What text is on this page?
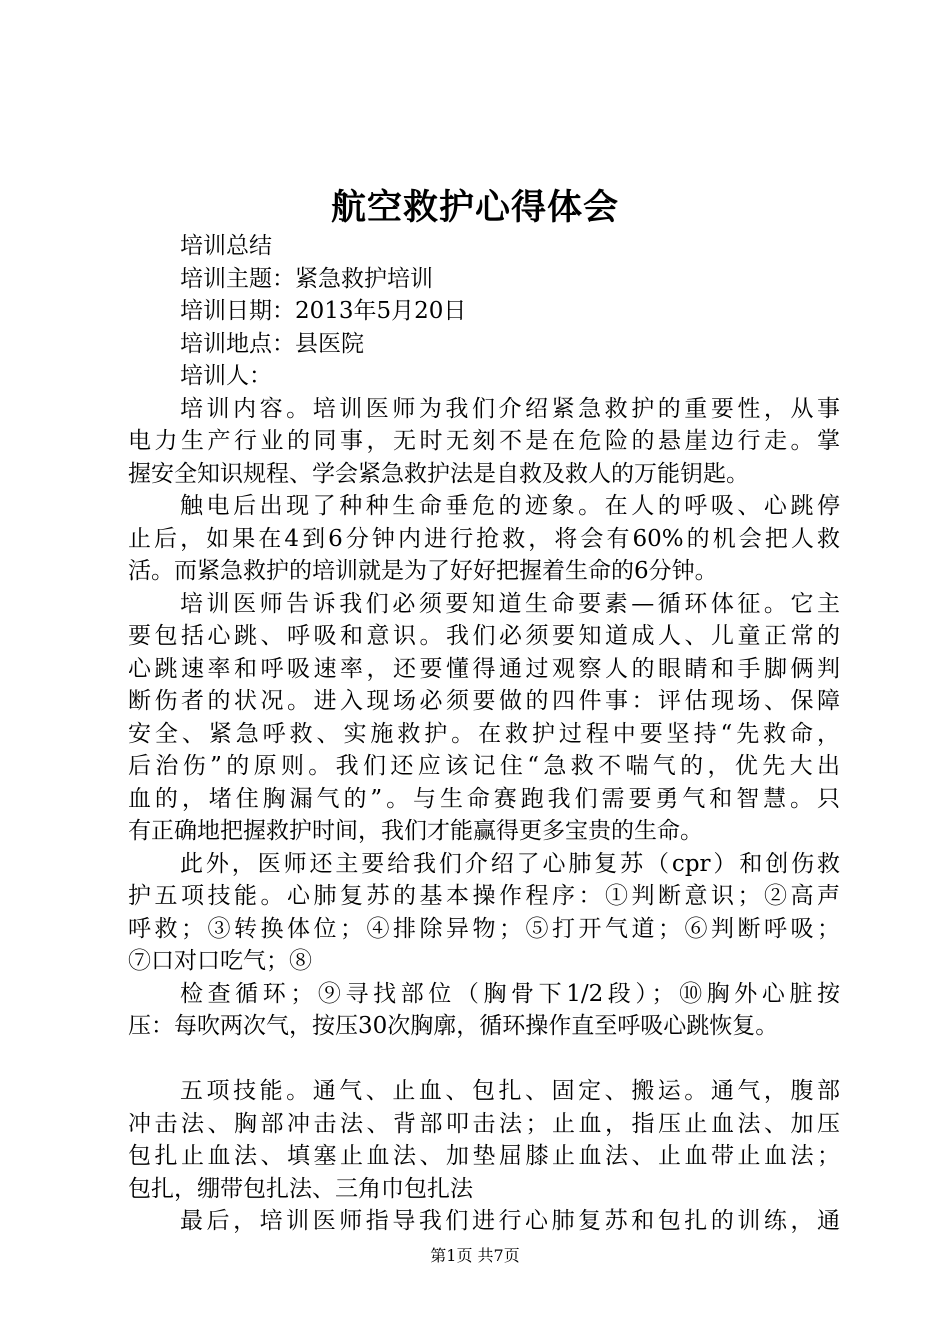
航空救护心得体会
培训总结
培训主题：紧急救护培训
培训日期：2013年5月20日
培训地点：县医院
培训人：
培训内容。培训医师为我们介绍紧急救护的重要性，从事
电力生产行业的同事，无时无刻不是在危险的悬崖边行走。掌
握安全知识规程、学会紧急救护法是自救及救人的万能钥匙。
触电后出现了种种生命垂危的迹象。在人的呼吸、心跳停
止后，如果在4到6分钟内进行抢救，将会有60%的机会把人救
活。而紧急救护的培训就是为了好好把握着生命的6分钟。
培训医师告诉我们必须要知道生命要素—循环体征。它主
要包括心跳、呼吸和意识。我们必须要知道成人、儿童正常的
心跳速率和呼吸速率，还要懂得通过观察人的眼睛和手脚俩判
断伤者的状况。进入现场必须要做的四件事：评估现场、保障
安全、紧急呼救、实施救护。在救护过程中要坚持“先救命，
后治伤”的原则。我们还应该记住“急救不喘气的，优先大出
血的，堵住胸漏气的”。与生命赛跑我们需要勇气和智慧。只
有正确地把握救护时间，我们才能赢得更多宝贵的生命。
此外，医师还主要给我们介绍了心肺复苏（cpr）和创伤救
护五项技能。心肺复苏的基本操作程序：①判断意识；②高声
呼救；③转换体位；④排除异物；⑤打开气道；⑥判断呼吸；
⑦口对口吃气；⑧
检查循环；⑨寻找部位（胸骨下1/2段）；⑩胸外心脏按
压：每吹两次气，按压30次胸廓，循环操作直至呼吸心跳恢复。
五项技能。通气、止血、包扎、固定、搬运。通气，腹部
冲击法、胸部冲击法、背部叩击法；止血，指压止血法、加压
包扎止血法、填塞止血法、加垫屈膝止血法、止血带止血法；
包扎，绷带包扎法、三角巾包扎法
最后，培训医师指导我们进行心肺复苏和包扎的训练，通
第1页 共7页
